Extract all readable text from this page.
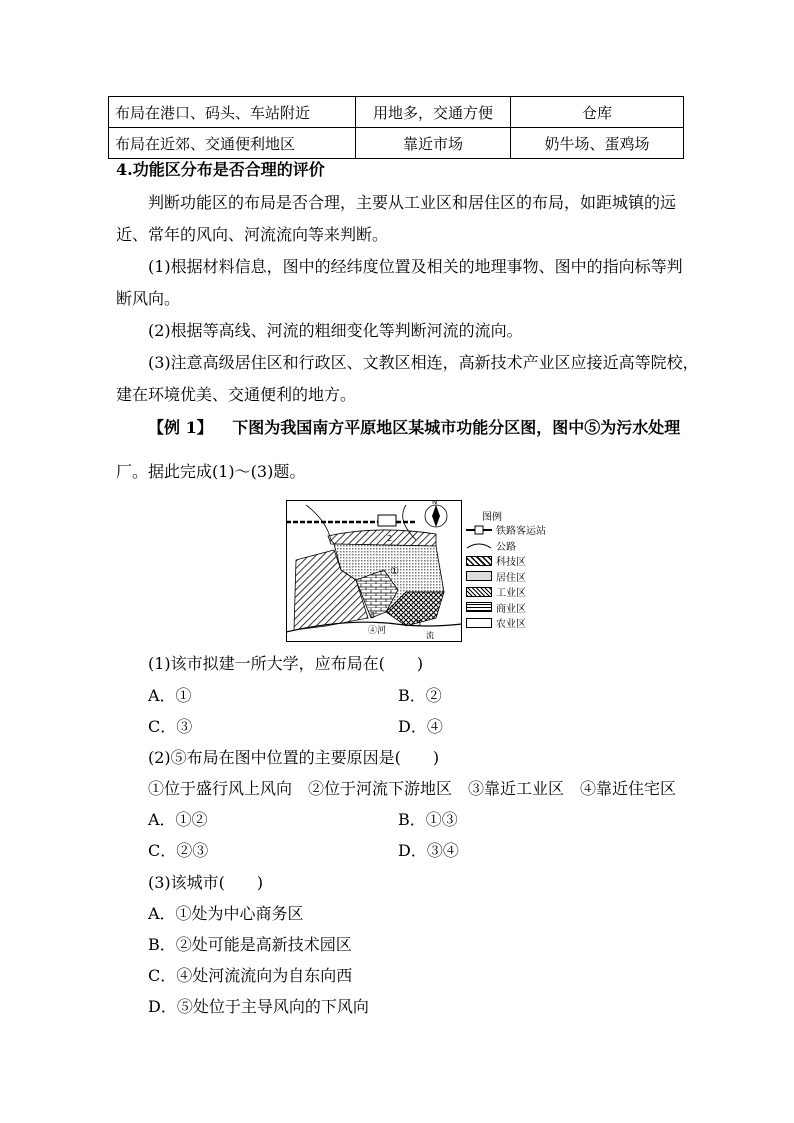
布局在港口、码头、车站附近	用地多，交通方便	仓库
布局在近郊、交通便利地区	靠近市场	奶牛场、蛋鸡场
4.功能区分布是否合理的评价
判断功能区的布局是否合理，主要从工业区和居住区的布局，如距城镇的远
近、常年的风向、河流流向等来判断。
(1)根据材料信息，图中的经纬度位置及相关的地理事物、图中的指向标等判
断风向。
(2)根据等高线、河流的粗细变化等判断河流的流向。
(3)注意高级居住区和行政区、文教区相连，高新技术产业区应接近高等院校，
建在环境优美、交通便利的地方。
【例 1】 下图为我国南方平原地区某城市功能分区图，图中⑤为污水处理
厂。据此完成(1)～(3)题。
N
①
2
3
④河
5
流
图例
铁路客运站
公路
科技区
居住区
工业区
商业区
农业区
(1)该市拟建一所大学，应布局在(　　)
A．①	B．②
C．③	D．④
(2)⑤布局在图中位置的主要原因是(　　)
①位于盛行风上风向　②位于河流下游地区　③靠近工业区　④靠近住宅区
A．①②	B．①③
C．②③	D．③④
(3)该城市(　　)
A．①处为中心商务区
B．②处可能是高新技术园区
C．④处河流流向为自东向西
D．⑤处位于主导风向的下风向
